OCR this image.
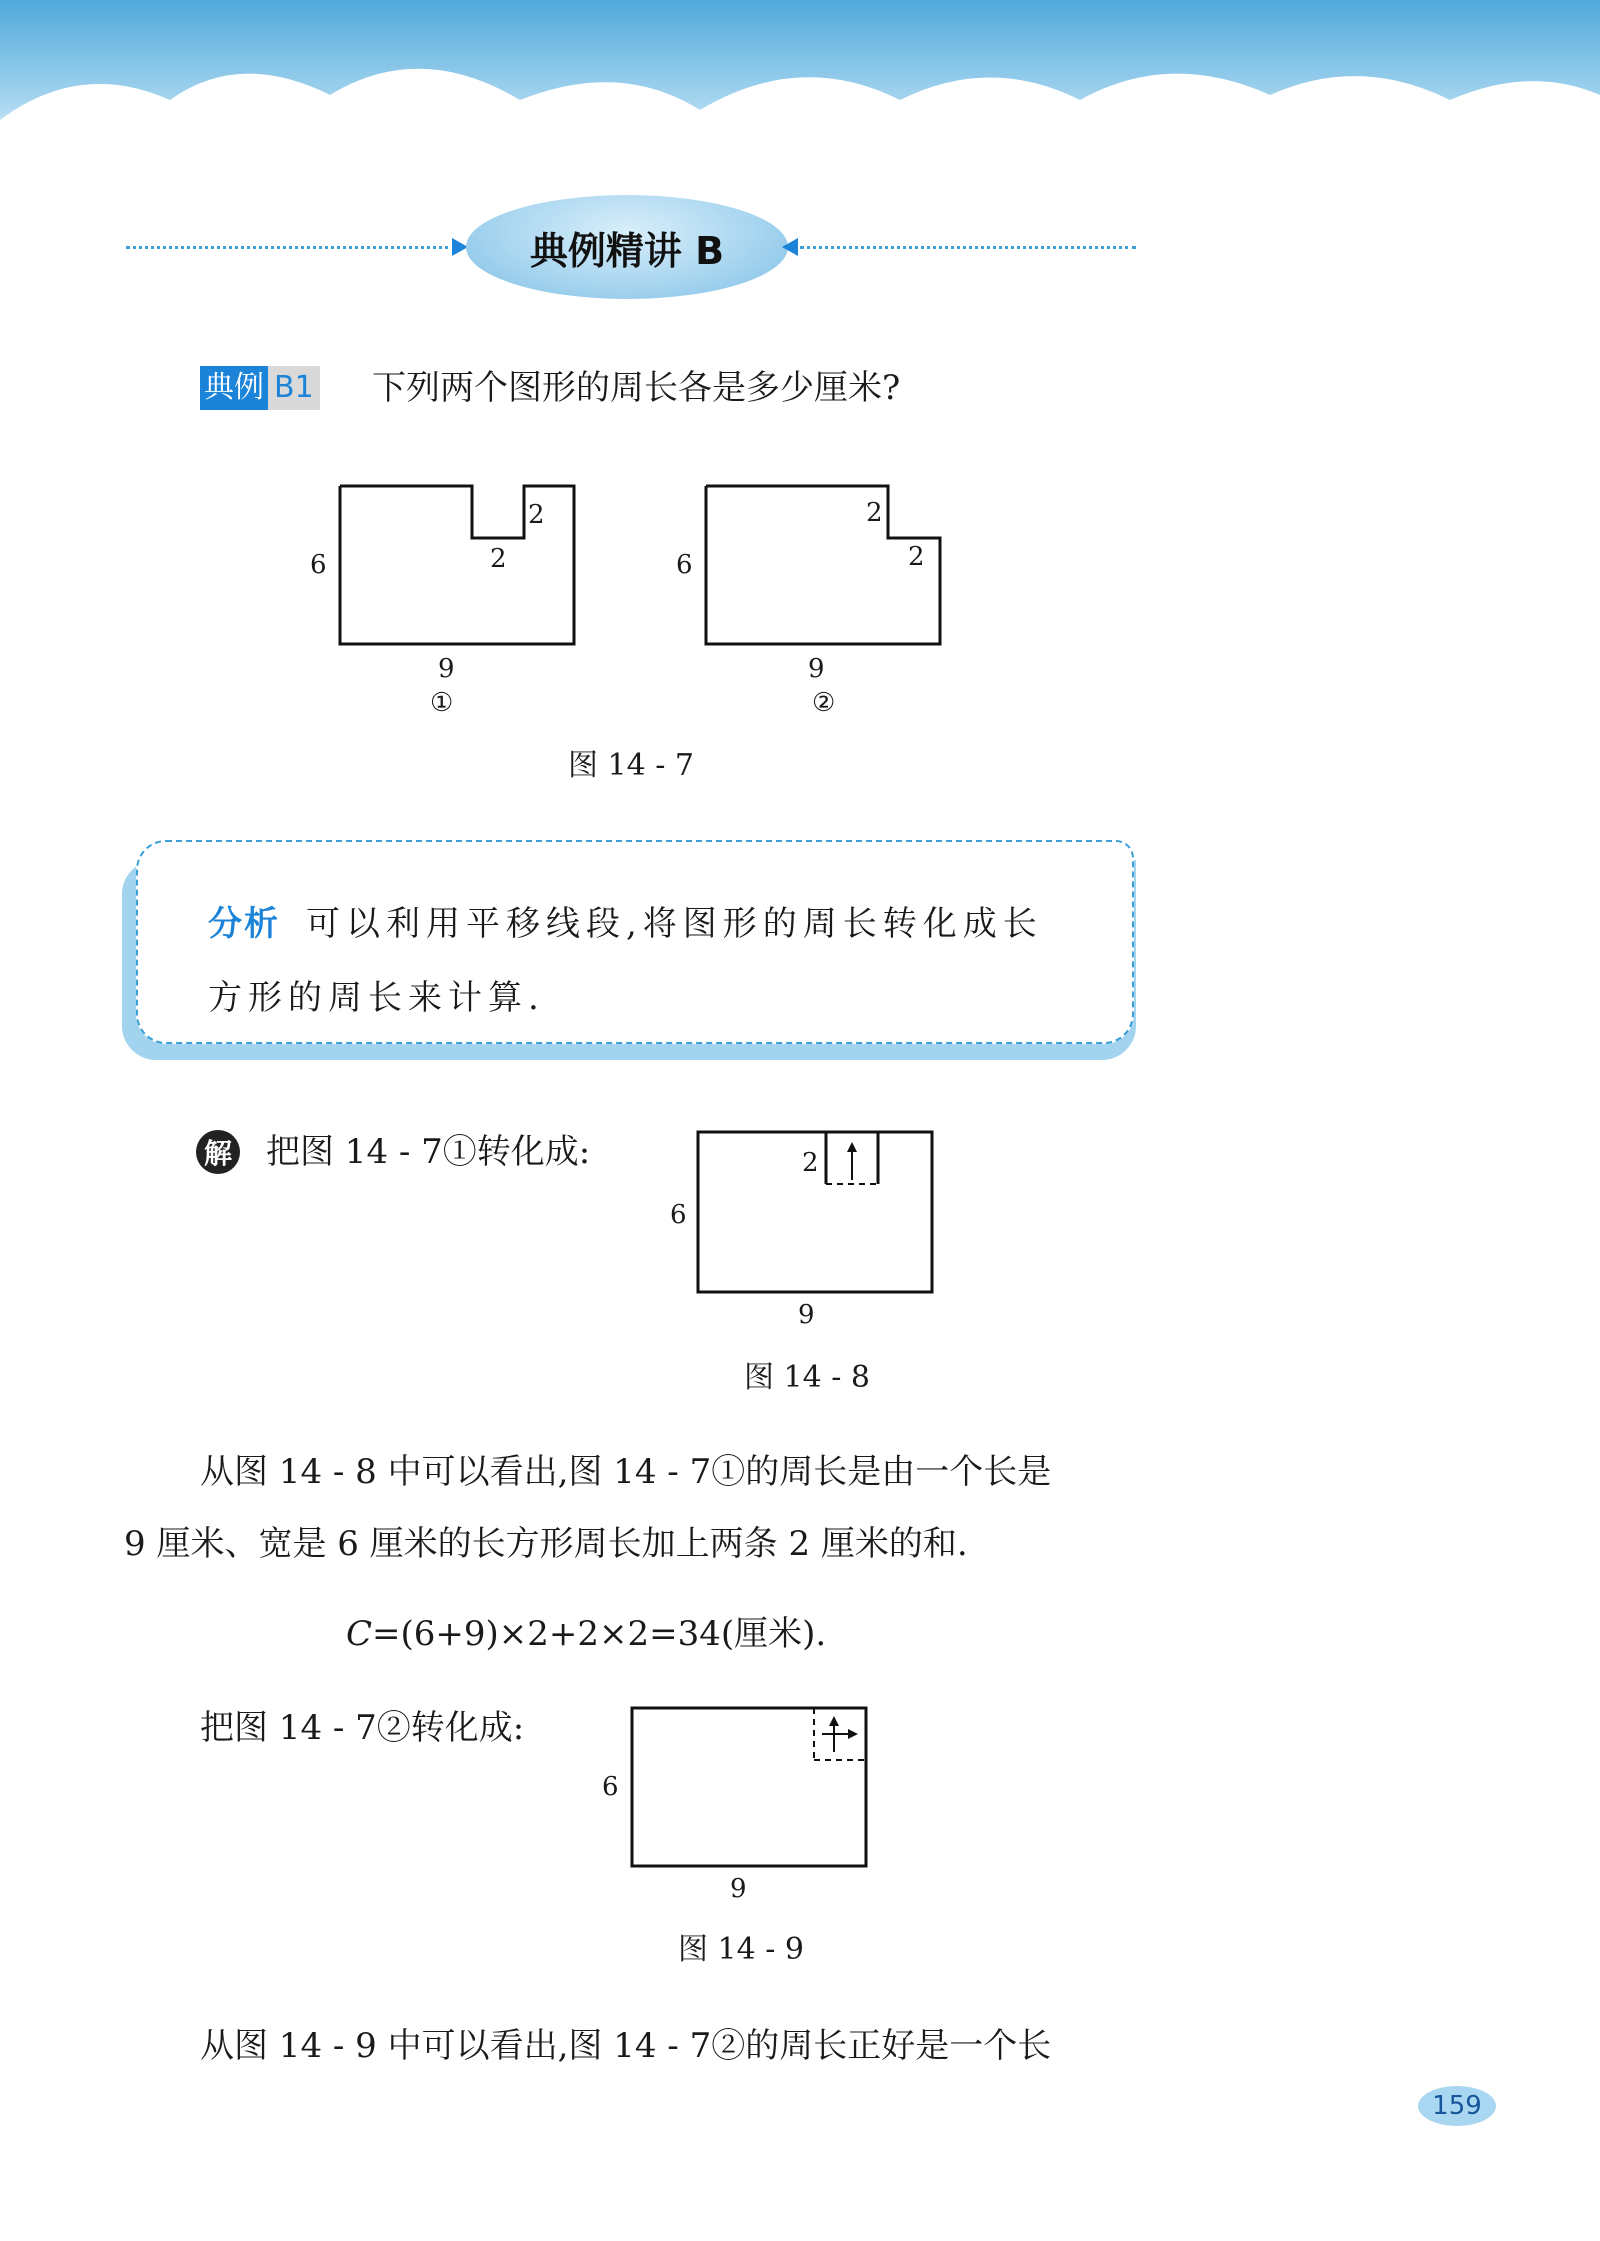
典例精讲 B
典例 B1 下列两个图形的周长各是多少厘米?
6
2
2
9
①
6
2
2
9
②
图 14 - 7
分析 可以利用平移线段,将图形的周长转化成长
方形的周长来计算.
解 把图 14 - 7①转化成:
6
2
9
图 14 - 8
从图 14 - 8 中可以看出,图 14 - 7①的周长是由一个长是
9 厘米、宽是 6 厘米的长方形周长加上两条 2 厘米的和.
C=(6+9)×2+2×2=34(厘米).
把图 14 - 7②转化成:
6
9
图 14 - 9
从图 14 - 9 中可以看出,图 14 - 7②的周长正好是一个长
159
